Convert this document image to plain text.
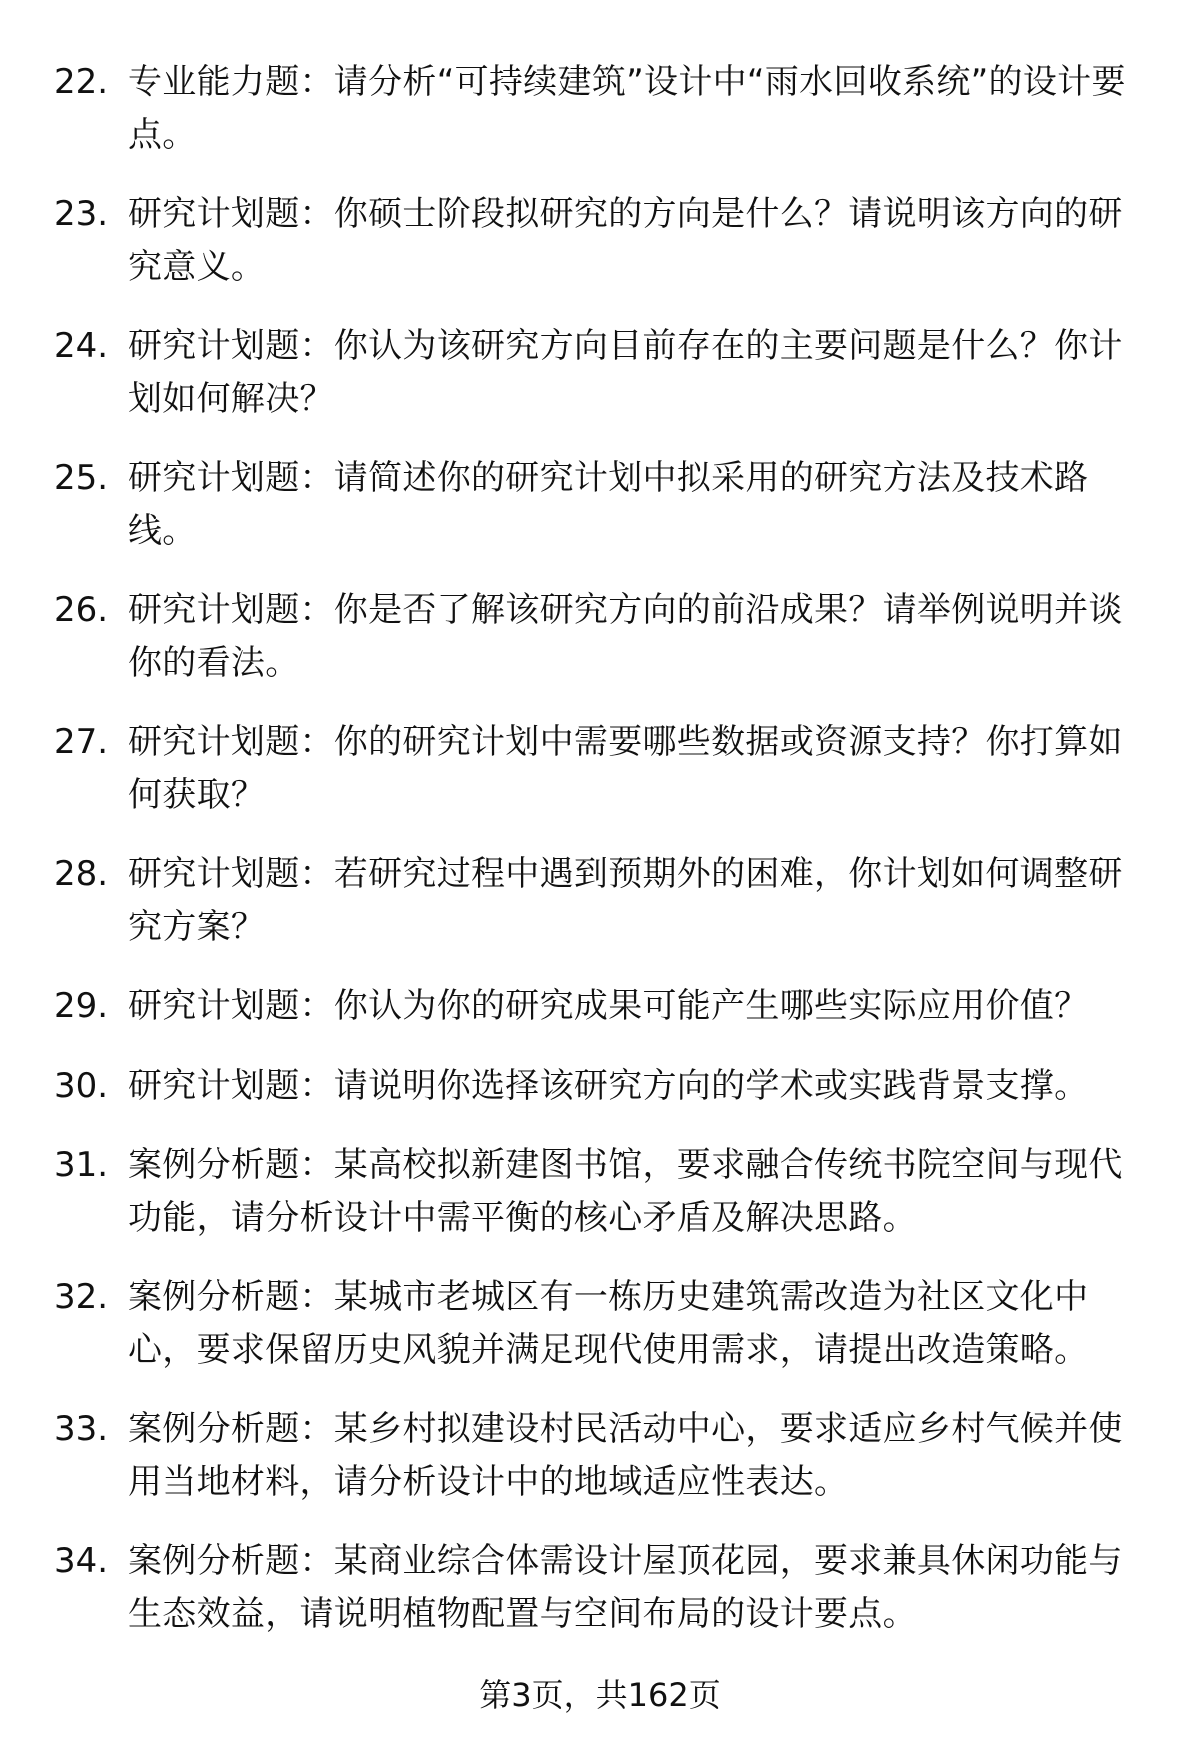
22. 专业能力题：请分析“可持续建筑”设计中“雨水回收系统”的设计要点。
23. 研究计划题：你硕士阶段拟研究的方向是什么？请说明该方向的研究意义。
24. 研究计划题：你认为该研究方向目前存在的主要问题是什么？你计划如何解决？
25. 研究计划题：请简述你的研究计划中拟采用的研究方法及技术路线。
26. 研究计划题：你是否了解该研究方向的前沿成果？请举例说明并谈你的看法。
27. 研究计划题：你的研究计划中需要哪些数据或资源支持？你打算如何获取？
28. 研究计划题：若研究过程中遇到预期外的困难，你计划如何调整研究方案？
29. 研究计划题：你认为你的研究成果可能产生哪些实际应用价值？
30. 研究计划题：请说明你选择该研究方向的学术或实践背景支撑。
31. 案例分析题：某高校拟新建图书馆，要求融合传统书院空间与现代功能，请分析设计中需平衡的核心矛盾及解决思路。
32. 案例分析题：某城市老城区有一栋历史建筑需改造为社区文化中心，要求保留历史风貌并满足现代使用需求，请提出改造策略。
33. 案例分析题：某乡村拟建设村民活动中心，要求适应乡村气候并使用当地材料，请分析设计中的地域适应性表达。
34. 案例分析题：某商业综合体需设计屋顶花园，要求兼具休闲功能与生态效益，请说明植物配置与空间布局的设计要点。
第3页，共162页
